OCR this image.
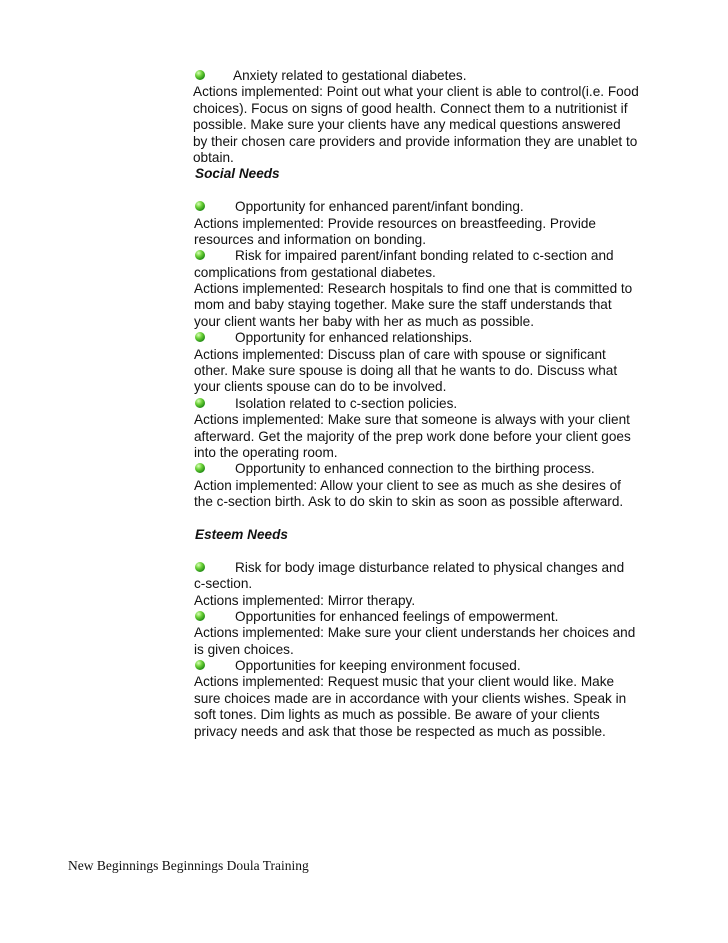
Anxiety related to gestational diabetes.
Actions implemented: Point out what your client is able to control(i.e. Food
choices). Focus on signs of good health. Connect them to a nutritionist if
possible. Make sure your clients have any medical questions answered
by their chosen care providers and provide information they are unablet to
obtain.
Social Needs
Opportunity for enhanced parent/infant bonding.
Actions implemented: Provide resources on breastfeeding. Provide
resources and information on bonding.
Risk for impaired parent/infant bonding related to c-section and
complications from gestational diabetes.
Actions implemented: Research hospitals to find one that is committed to
mom and baby staying together. Make sure the staff understands that
your client wants her baby with her as much as possible.
Opportunity for enhanced relationships.
Actions implemented: Discuss plan of care with spouse or significant
other. Make sure spouse is doing all that he wants to do. Discuss what
your clients spouse can do to be involved.
Isolation related to c-section policies.
Actions implemented: Make sure that someone is always with your client
afterward. Get the majority of the prep work done before your client goes
into the operating room.
Opportunity to enhanced connection to the birthing process.
Action implemented: Allow your client to see as much as she desires of
the c-section birth. Ask to do skin to skin as soon as possible afterward.
Esteem Needs
Risk for body image disturbance related to physical changes and
c-section.
Actions implemented: Mirror therapy.
Opportunities for enhanced feelings of empowerment.
Actions implemented: Make sure your client understands her choices and
is given choices.
Opportunities for keeping environment focused.
Actions implemented: Request music that your client would like. Make
sure choices made are in accordance with your clients wishes. Speak in
soft tones. Dim lights as much as possible. Be aware of your clients
privacy needs and ask that those be respected as much as possible.
New Beginnings Beginnings Doula Training
